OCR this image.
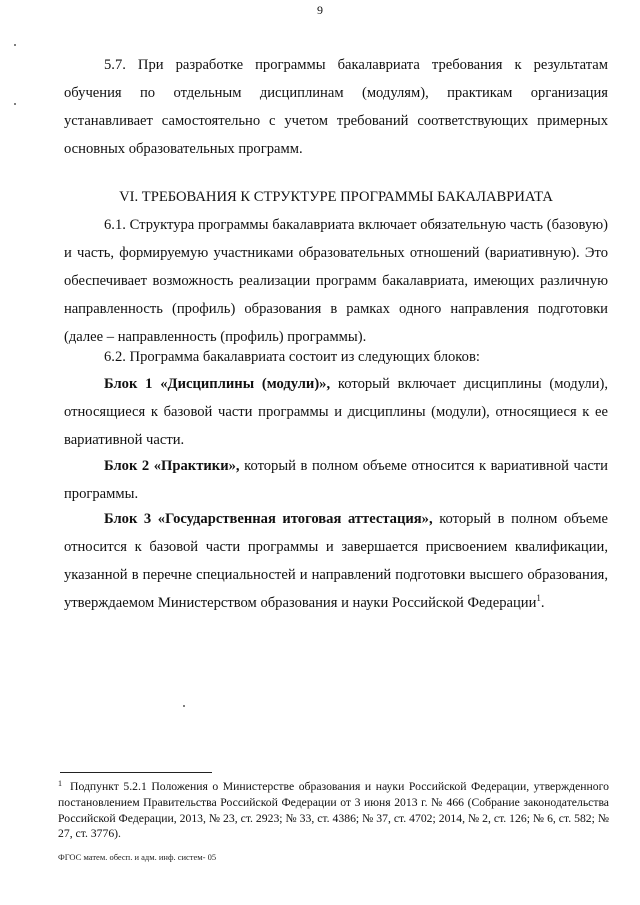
9

5.7. При разработке программы бакалавриата требования к результатам обучения по отдельным дисциплинам (модулям), практикам организация устанавливает самостоятельно с учетом требований соответствующих примерных основных образовательных программ.

VI. ТРЕБОВАНИЯ К СТРУКТУРЕ ПРОГРАММЫ БАКАЛАВРИАТА

6.1. Структура программы бакалавриата включает обязательную часть (базовую) и часть, формируемую участниками образовательных отношений (вариативную). Это обеспечивает возможность реализации программ бакалавриата, имеющих различную направленность (профиль) образования в рамках одного направления подготовки (далее – направленность (профиль) программы).

6.2. Программа бакалавриата состоит из следующих блоков:

Блок 1 «Дисциплины (модули)», который включает дисциплины (модули), относящиеся к базовой части программы и дисциплины (модули), относящиеся к ее вариативной части.

Блок 2 «Практики», который в полном объеме относится к вариативной части программы.

Блок 3 «Государственная итоговая аттестация», который в полном объеме относится к базовой части программы и завершается присвоением квалификации, указанной в перечне специальностей и направлений подготовки высшего образования, утверждаемом Министерством образования и науки Российской Федерации$^1$.

$^1$ Подпункт 5.2.1 Положения о Министерстве образования и науки Российской Федерации, утвержденного постановлением Правительства Российской Федерации от 3 июня 2013 г. № 466 (Собрание законодательства Российской Федерации, 2013, № 23, ст. 2923; № 33, ст. 4386; № 37, ст. 4702; 2014, № 2, ст. 126; № 6, ст. 582; № 27, ст. 3776).

ФГОС матем. обесп. и адм. инф. систем- 05
